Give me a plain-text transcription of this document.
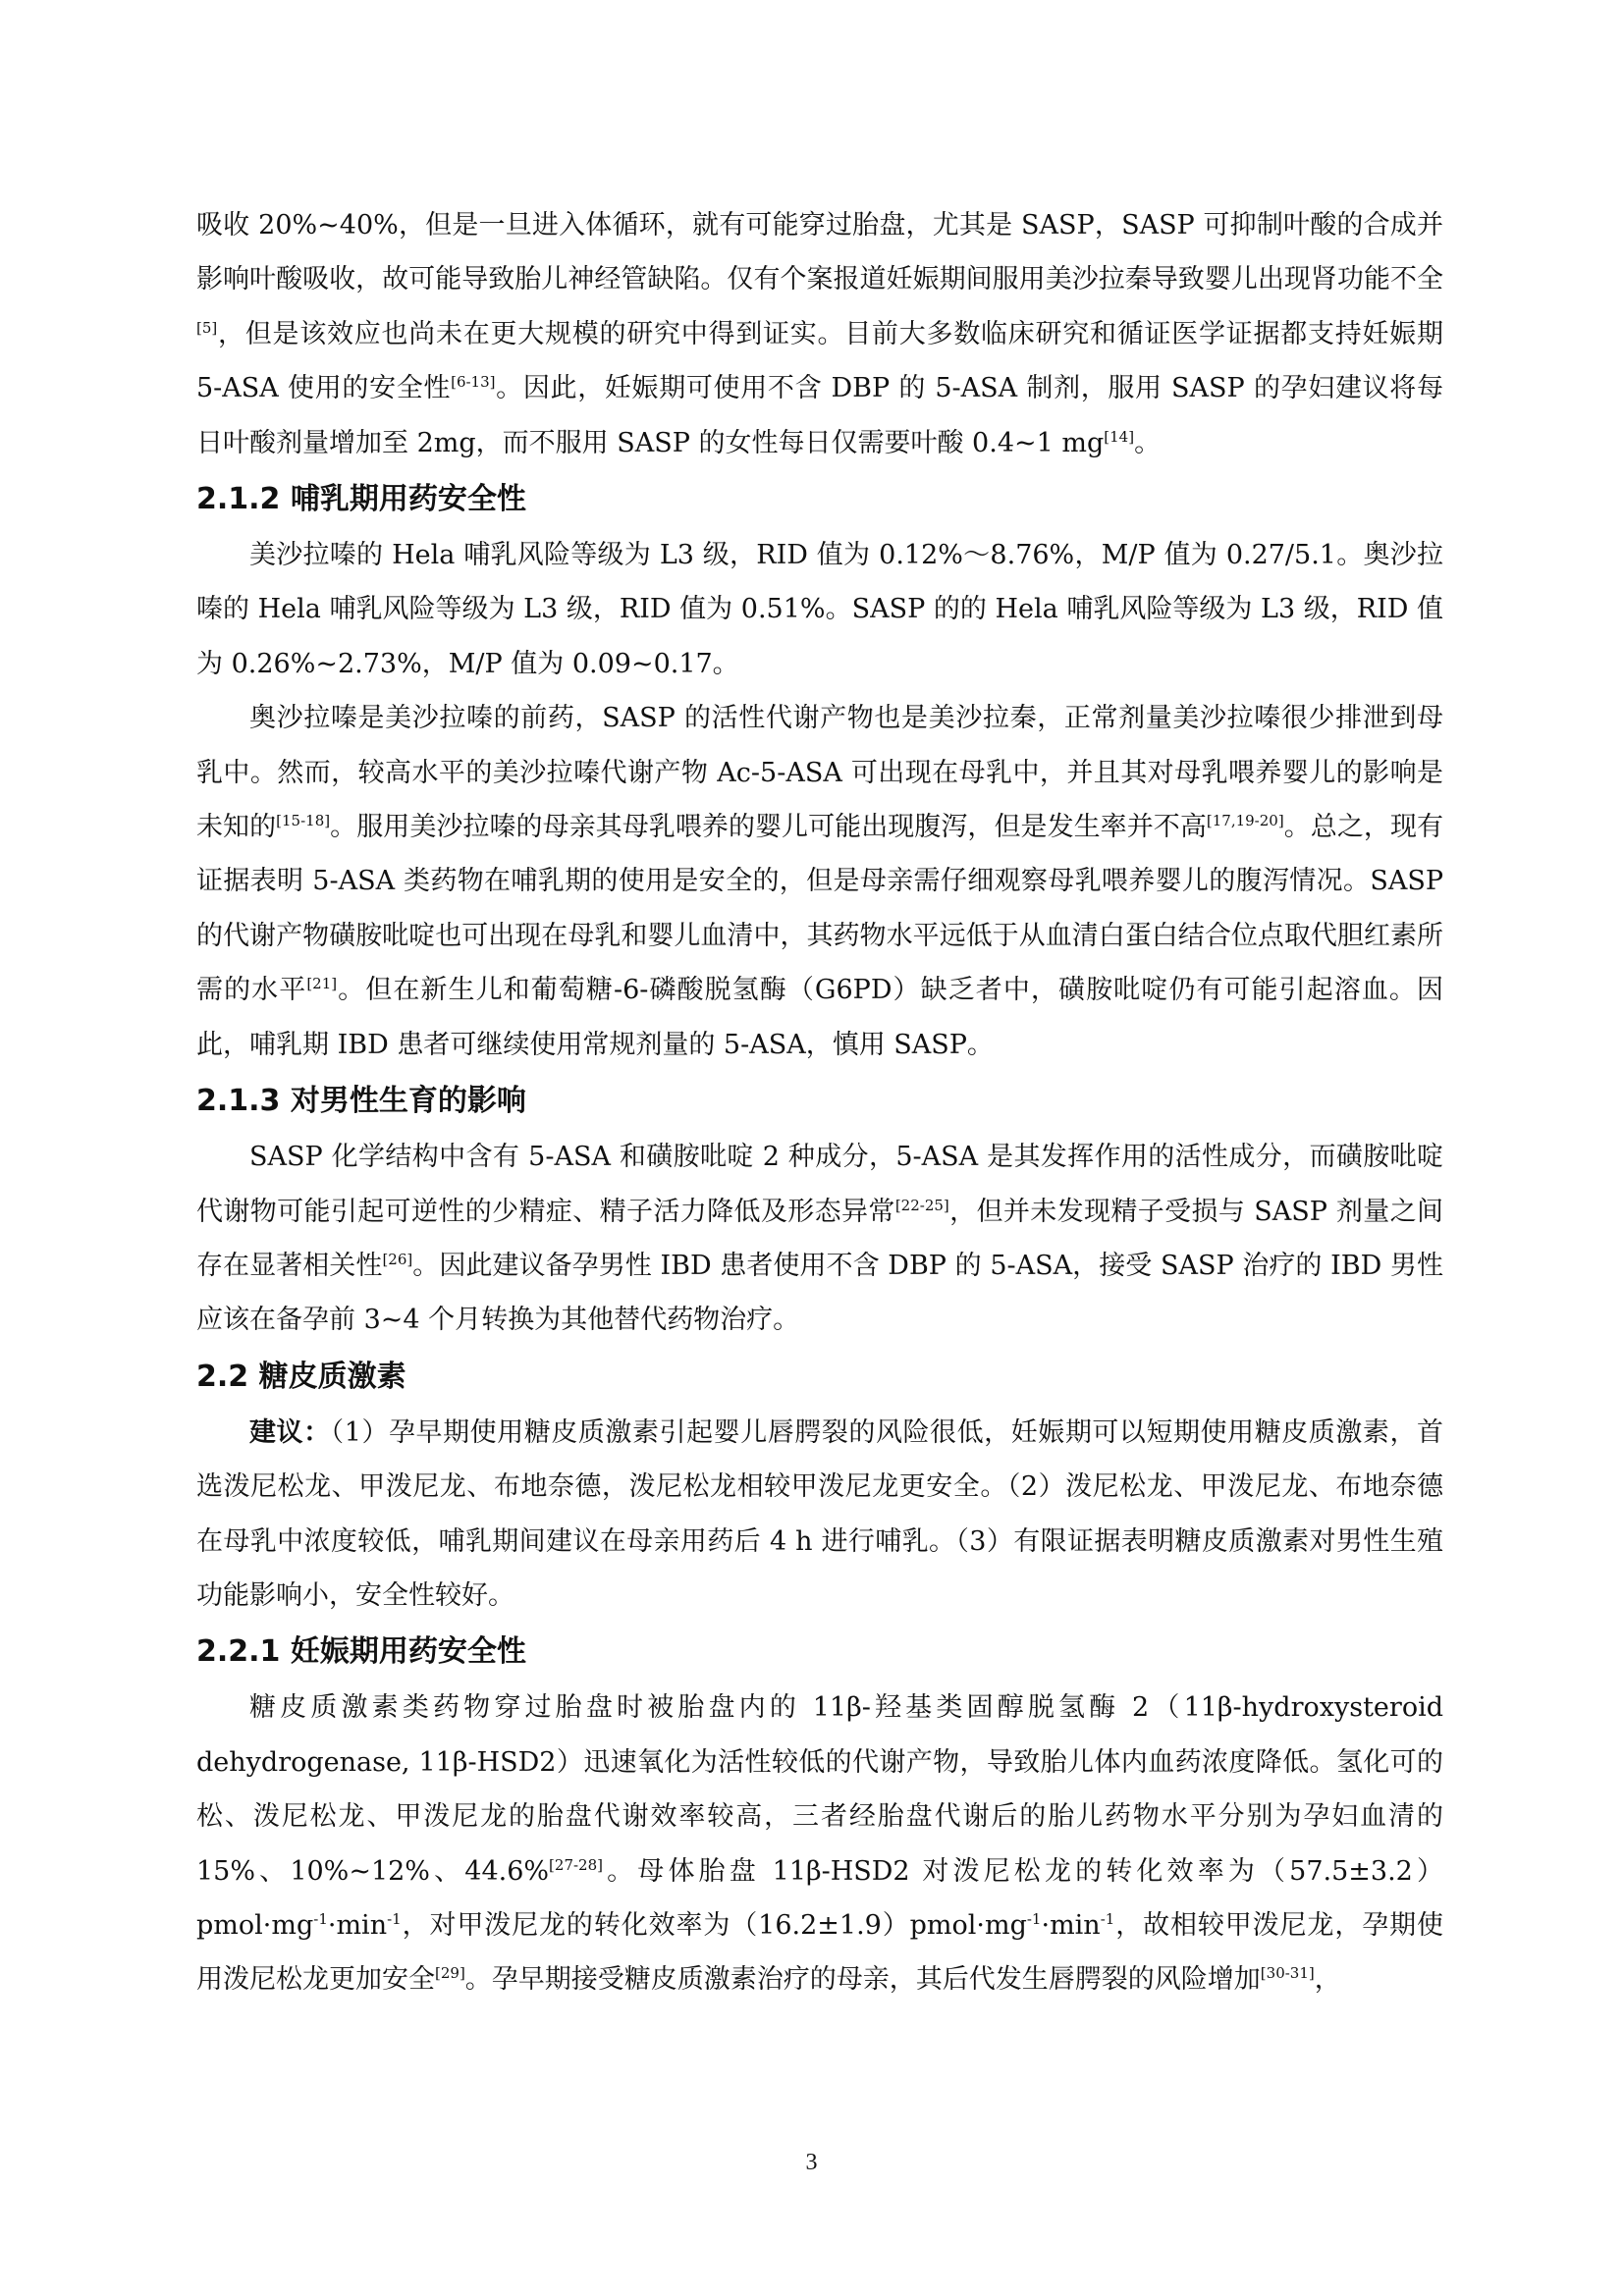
吸收 20%~40%，但是一旦进入体循环，就有可能穿过胎盘，尤其是 SASP，SASP 可抑制叶酸的合成并影响叶酸吸收，故可能导致胎儿神经管缺陷。仅有个案报道妊娠期间服用美沙拉秦导致婴儿出现肾功能不全[5]，但是该效应也尚未在更大规模的研究中得到证实。目前大多数临床研究和循证医学证据都支持妊娠期 5-ASA 使用的安全性[6-13]。因此，妊娠期可使用不含 DBP 的 5-ASA 制剂，服用 SASP 的孕妇建议将每日叶酸剂量增加至 2mg，而不服用 SASP 的女性每日仅需要叶酸 0.4~1 mg[14]。

2.1.2 哺乳期用药安全性

美沙拉嗪的 Hela 哺乳风险等级为 L3 级，RID 值为 0.12%～8.76%，M/P 值为 0.27/5.1。奥沙拉嗪的 Hela 哺乳风险等级为 L3 级，RID 值为 0.51%。SASP 的的 Hela 哺乳风险等级为 L3 级，RID 值为 0.26%~2.73%，M/P 值为 0.09~0.17。

奥沙拉嗪是美沙拉嗪的前药，SASP 的活性代谢产物也是美沙拉秦，正常剂量美沙拉嗪很少排泄到母乳中。然而，较高水平的美沙拉嗪代谢产物 Ac-5-ASA 可出现在母乳中，并且其对母乳喂养婴儿的影响是未知的[15-18]。服用美沙拉嗪的母亲其母乳喂养的婴儿可能出现腹泻，但是发生率并不高[17,19-20]。总之，现有证据表明 5-ASA 类药物在哺乳期的使用是安全的，但是母亲需仔细观察母乳喂养婴儿的腹泻情况。SASP 的代谢产物磺胺吡啶也可出现在母乳和婴儿血清中，其药物水平远低于从血清白蛋白结合位点取代胆红素所需的水平[21]。但在新生儿和葡萄糖-6-磷酸脱氢酶（G6PD）缺乏者中，磺胺吡啶仍有可能引起溶血。因此，哺乳期 IBD 患者可继续使用常规剂量的 5-ASA，慎用 SASP。

2.1.3 对男性生育的影响

SASP 化学结构中含有 5-ASA 和磺胺吡啶 2 种成分，5-ASA 是其发挥作用的活性成分，而磺胺吡啶代谢物可能引起可逆性的少精症、精子活力降低及形态异常[22-25]，但并未发现精子受损与 SASP 剂量之间存在显著相关性[26]。因此建议备孕男性 IBD 患者使用不含 DBP 的 5-ASA，接受 SASP 治疗的 IBD 男性应该在备孕前 3~4 个月转换为其他替代药物治疗。

2.2 糖皮质激素

建议：（1）孕早期使用糖皮质激素引起婴儿唇腭裂的风险很低，妊娠期可以短期使用糖皮质激素，首选泼尼松龙、甲泼尼龙、布地奈德，泼尼松龙相较甲泼尼龙更安全。（2）泼尼松龙、甲泼尼龙、布地奈德在母乳中浓度较低，哺乳期间建议在母亲用药后 4 h 进行哺乳。（3）有限证据表明糖皮质激素对男性生殖功能影响小，安全性较好。

2.2.1 妊娠期用药安全性

糖皮质激素类药物穿过胎盘时被胎盘内的 11β-羟基类固醇脱氢酶 2（11β-hydroxysteroid dehydrogenase, 11β-HSD2）迅速氧化为活性较低的代谢产物，导致胎儿体内血药浓度降低。氢化可的松、泼尼松龙、甲泼尼龙的胎盘代谢效率较高，三者经胎盘代谢后的胎儿药物水平分别为孕妇血清的 15%、10%~12%、44.6%[27-28]。母体胎盘 11β-HSD2 对泼尼松龙的转化效率为$(57.5\pm 3.2)pmol\cdot mg^{-1}\cdot\min^{-1}$，对甲泼尼龙的转化效率为$(16.2\pm 1.9)pmol\cdot mg^{-1}\cdot\min^{-1}$，故相较甲泼尼龙，孕期使用泼尼松龙更加安全[29]。孕早期接受糖皮质激素治疗的母亲，其后代发生唇腭裂的风险增加[30-31]，

3
